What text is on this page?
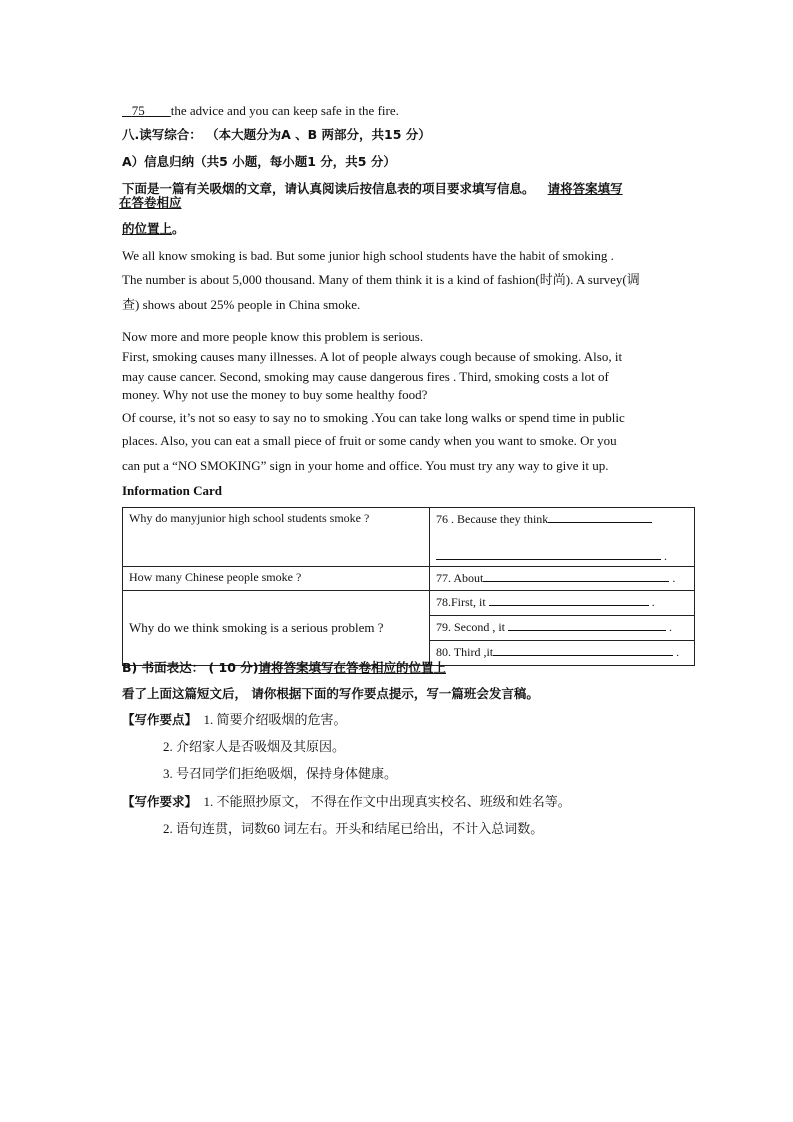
75 the advice and you can keep safe in the fire.
八.读写综合： （本大题分为A 、B 两部分，共15 分）
A）信息归纳（共5 小题，每小题1 分，共5 分）
下面是一篇有关吸烟的文章，请认真阅读后按信息表的项目要求填写信息。 请将答案填写
在答卷相应
的位置上。
We all know smoking is bad. But some junior high school students have the habit of smoking .
The number is about 5,000 thousand. Many of them think it is a kind of fashion(时尚). A survey(调
查) shows about 25% people in China smoke.
Now more and more people know this problem is serious.
First, smoking causes many illnesses. A lot of people always cough because of smoking. Also, it
may cause cancer. Second, smoking may cause dangerous fires . Third, smoking costs a lot of
money. Why not use the money to buy some healthy food?
Of course, it’s not so easy to say no to smoking .You can take long walks or spend time in public
places. Also, you can eat a small piece of fruit or some candy when you want to smoke. Or you
can put a “NO SMOKING” sign in your home and office. You must try any way to give it up.
Information Card
Why do manyjunior high school students smoke ?	76 . Because they think

.
How many Chinese people smoke ?	77. About .
Why do we think smoking is a serious problem ?	78.First, it .
	79. Second , it .
	80. Third ,it .
B) 书面表达： ( 10 分)请将答案填写在答卷相应的位置上
看了上面这篇短文后， 请你根据下面的写作要点提示，写一篇班会发言稿。
【写作要点】 1. 简要介绍吸烟的危害。
2. 介绍家人是否吸烟及其原因。
3. 号召同学们拒绝吸烟，保持身体健康。
【写作要求】 1. 不能照抄原文， 不得在作文中出现真实校名、班级和姓名等。
2. 语句连贯，词数60 词左右。开头和结尾已给出，不计入总词数。
